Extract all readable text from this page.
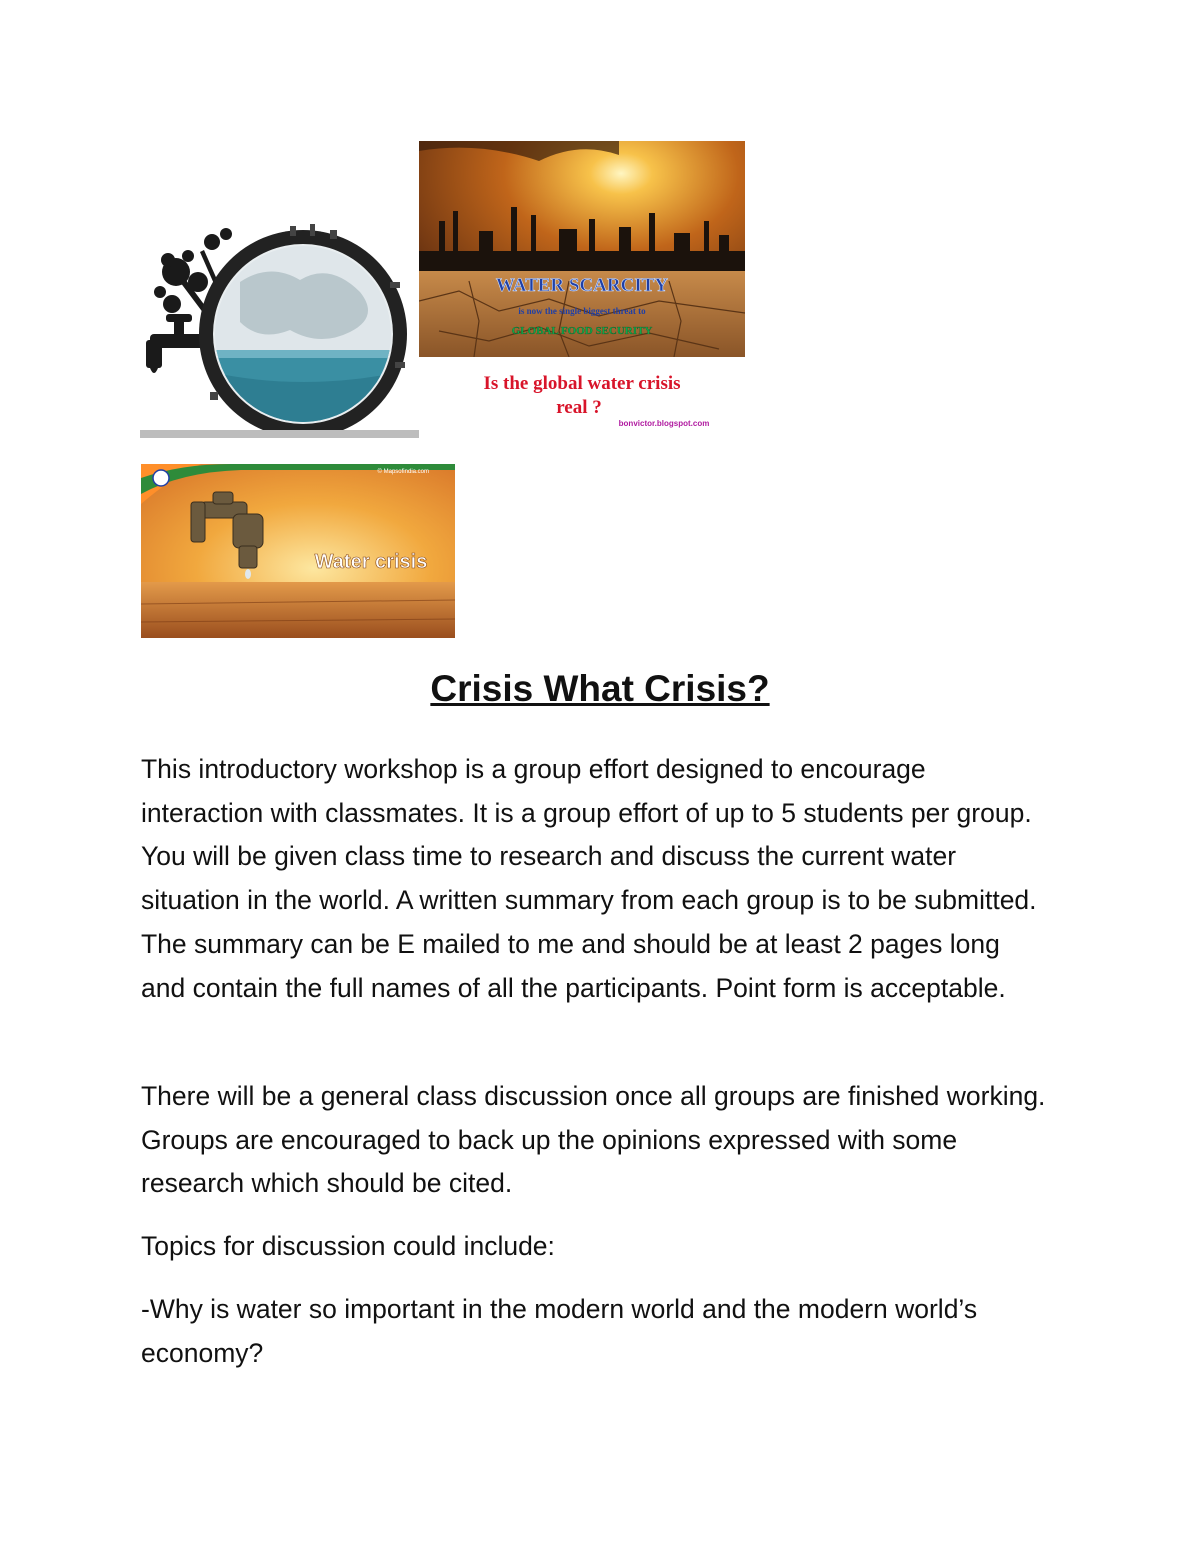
WATER SCARCITY
is now the single biggest threat to
GLOBAL FOOD SECURITY
Is the global water crisis
real ?
bonvictor.blogspot.com
Water crisis
© Mapsofindia.com
Crisis What Crisis?

This introductory workshop is a group effort designed to encourage interaction with classmates. It is a group effort of up to 5 students per group. You will be given class time to research and discuss the current water situation in the world. A written summary from each group is to be submitted. The summary can be E mailed to me and should be at least 2 pages long and contain the full names of all the participants. Point form is acceptable.

There will be a general class discussion once all groups are finished working. Groups are encouraged to back up the opinions expressed with some research which should be cited.

Topics for discussion could include:

-Why is water so important in the modern world and the modern world’s economy?
